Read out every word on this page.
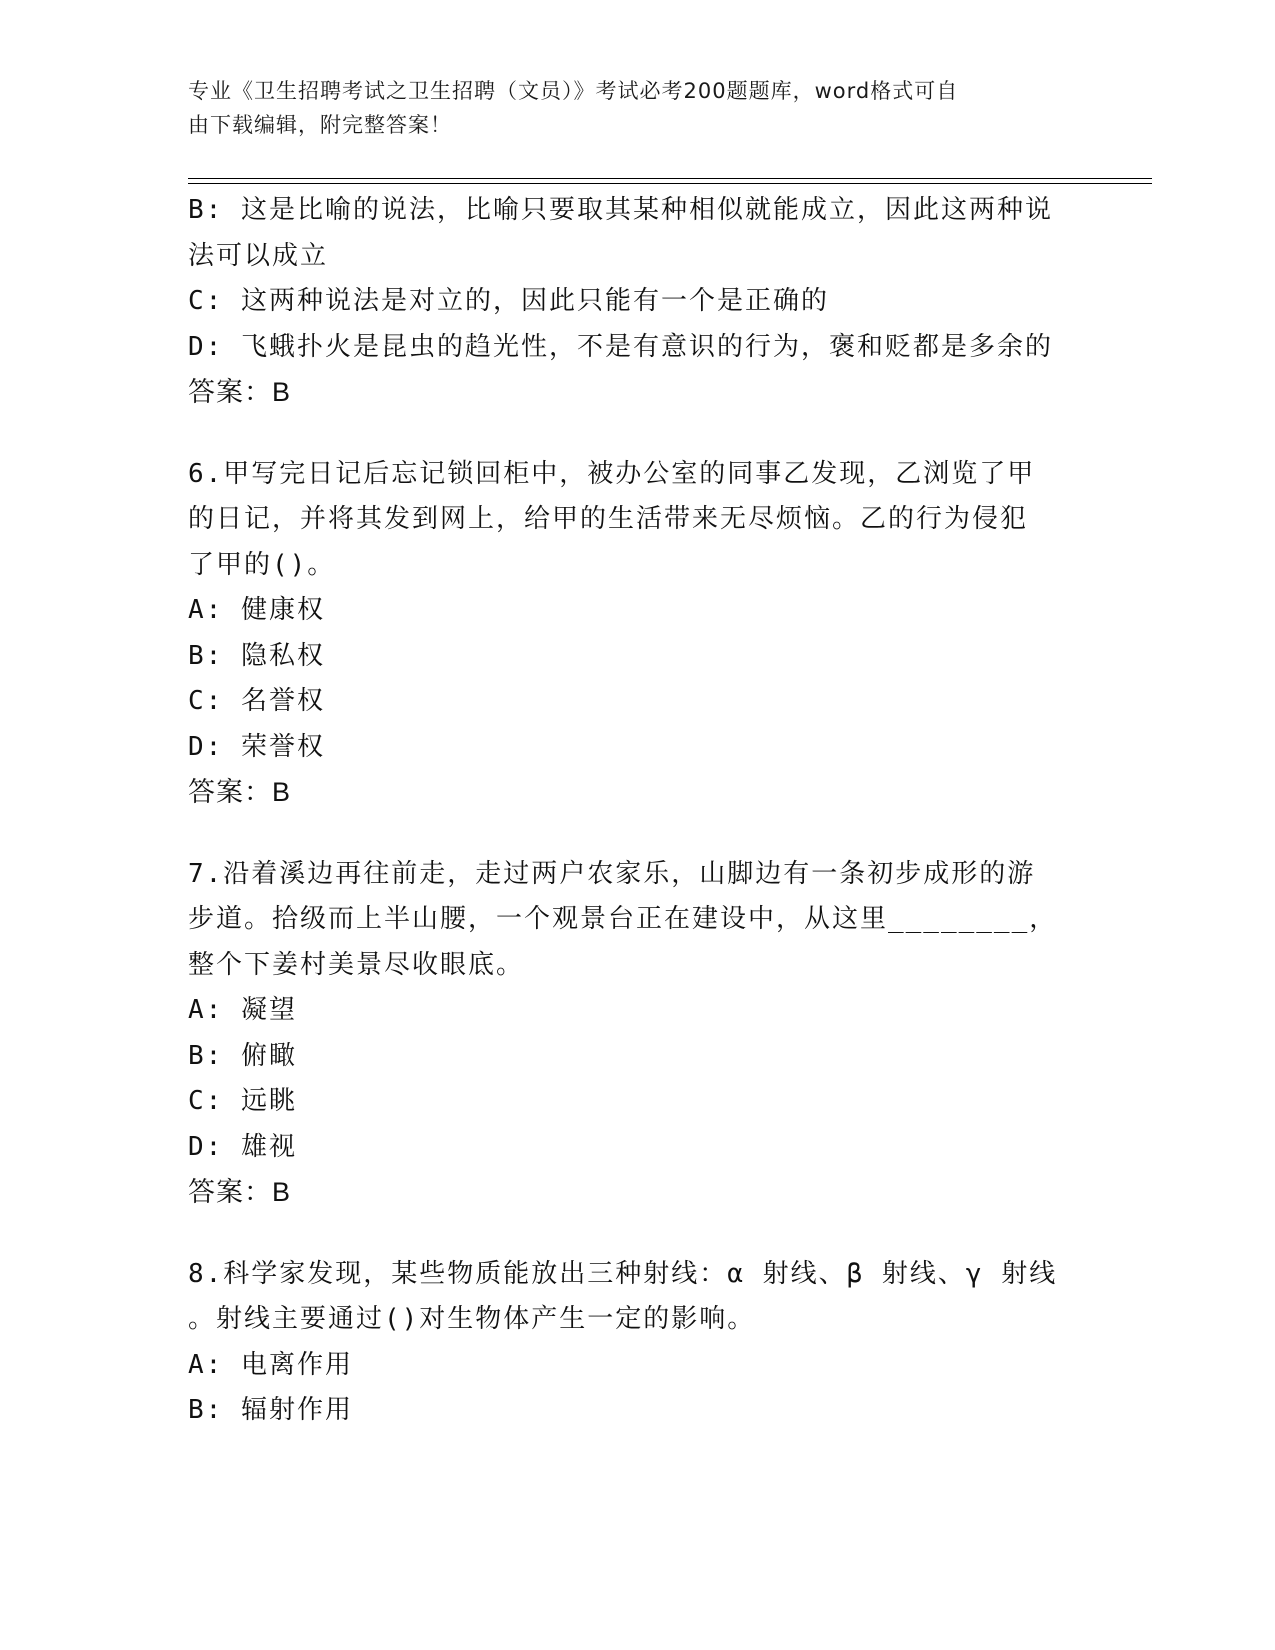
专业《卫生招聘考试之卫生招聘（文员）》考试必考200题题库，word格式可自
由下载编辑，附完整答案！
B: 这是比喻的说法，比喻只要取其某种相似就能成立，因此这两种说
法可以成立
C: 这两种说法是对立的，因此只能有一个是正确的
D: 飞蛾扑火是昆虫的趋光性，不是有意识的行为，褒和贬都是多余的
答案：B
6.甲写完日记后忘记锁回柜中，被办公室的同事乙发现，乙浏览了甲
的日记，并将其发到网上，给甲的生活带来无尽烦恼。乙的行为侵犯
了甲的()。
A: 健康权
B: 隐私权
C: 名誉权
D: 荣誉权
答案：B
7.沿着溪边再往前走，走过两户农家乐，山脚边有一条初步成形的游
步道。拾级而上半山腰，一个观景台正在建设中，从这里________，
整个下姜村美景尽收眼底。
A: 凝望
B: 俯瞰
C: 远眺
D: 雄视
答案：B
8.科学家发现，某些物质能放出三种射线：α 射线、β 射线、γ 射线
。射线主要通过()对生物体产生一定的影响。
A: 电离作用
B: 辐射作用
